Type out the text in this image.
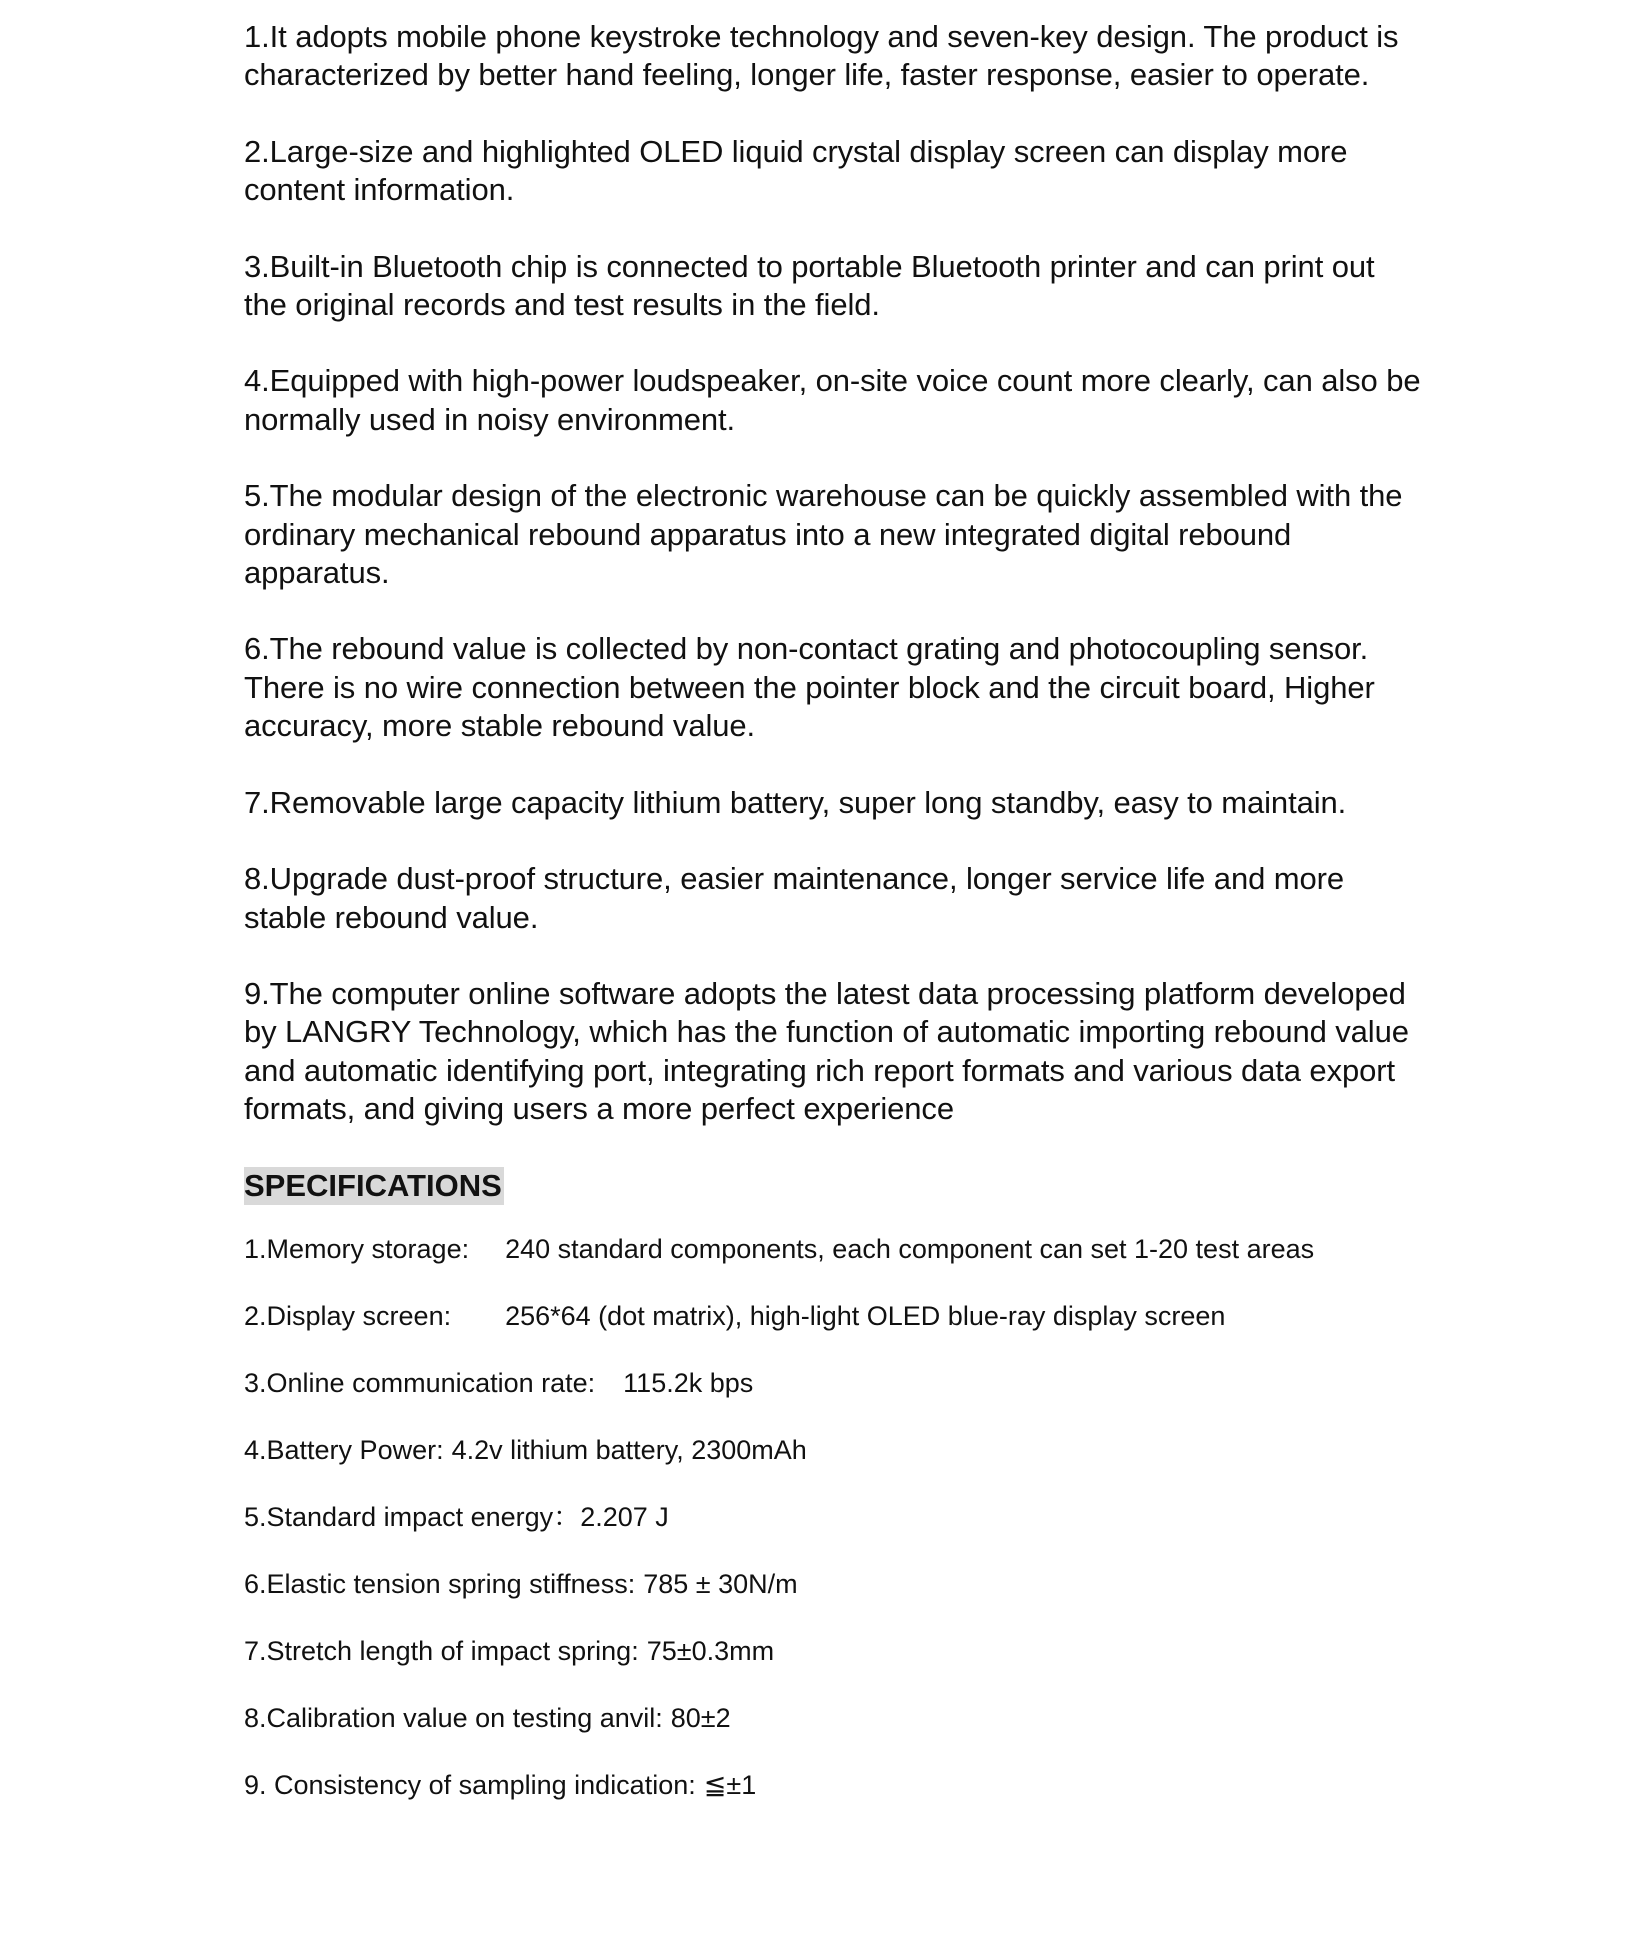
1.It adopts mobile phone keystroke technology and seven-key design. The product is characterized by better hand feeling, longer life, faster response, easier to operate.

2.Large-size and highlighted OLED liquid crystal display screen can display more content information.

3.Built-in Bluetooth chip is connected to portable Bluetooth printer and can print out the original records and test results in the field.

4.Equipped with high-power loudspeaker, on-site voice count more clearly, can also be normally used in noisy environment.

5.The modular design of the electronic warehouse can be quickly assembled with the ordinary mechanical rebound apparatus into a new integrated digital rebound apparatus.

6.The rebound value is collected by non-contact grating and photocoupling sensor. There is no wire connection between the pointer block and the circuit board, Higher accuracy, more stable rebound value.

7.Removable large capacity lithium battery, super long standby, easy to maintain.

8.Upgrade dust-proof structure, easier maintenance, longer service life and more stable rebound value.

9.The computer online software adopts the latest data processing platform developed by LANGRY Technology, which has the function of automatic importing rebound value and automatic identifying port, integrating rich report formats and various data export formats, and giving users a more perfect experience

SPECIFICATIONS
1.Memory storage: 240 standard components, each component can set 1-20 test areas
2.Display screen: 256*64 (dot matrix), high-light OLED blue-ray display screen
3.Online communication rate: 115.2k bps
4.Battery Power: 4.2v lithium battery, 2300mAh
5.Standard impact energy：2.207 J
6.Elastic tension spring stiffness: 785 ± 30N/m
7.Stretch length of impact spring: 75±0.3mm
8.Calibration value on testing anvil: 80±2
9. Consistency of sampling indication: ≦±1
